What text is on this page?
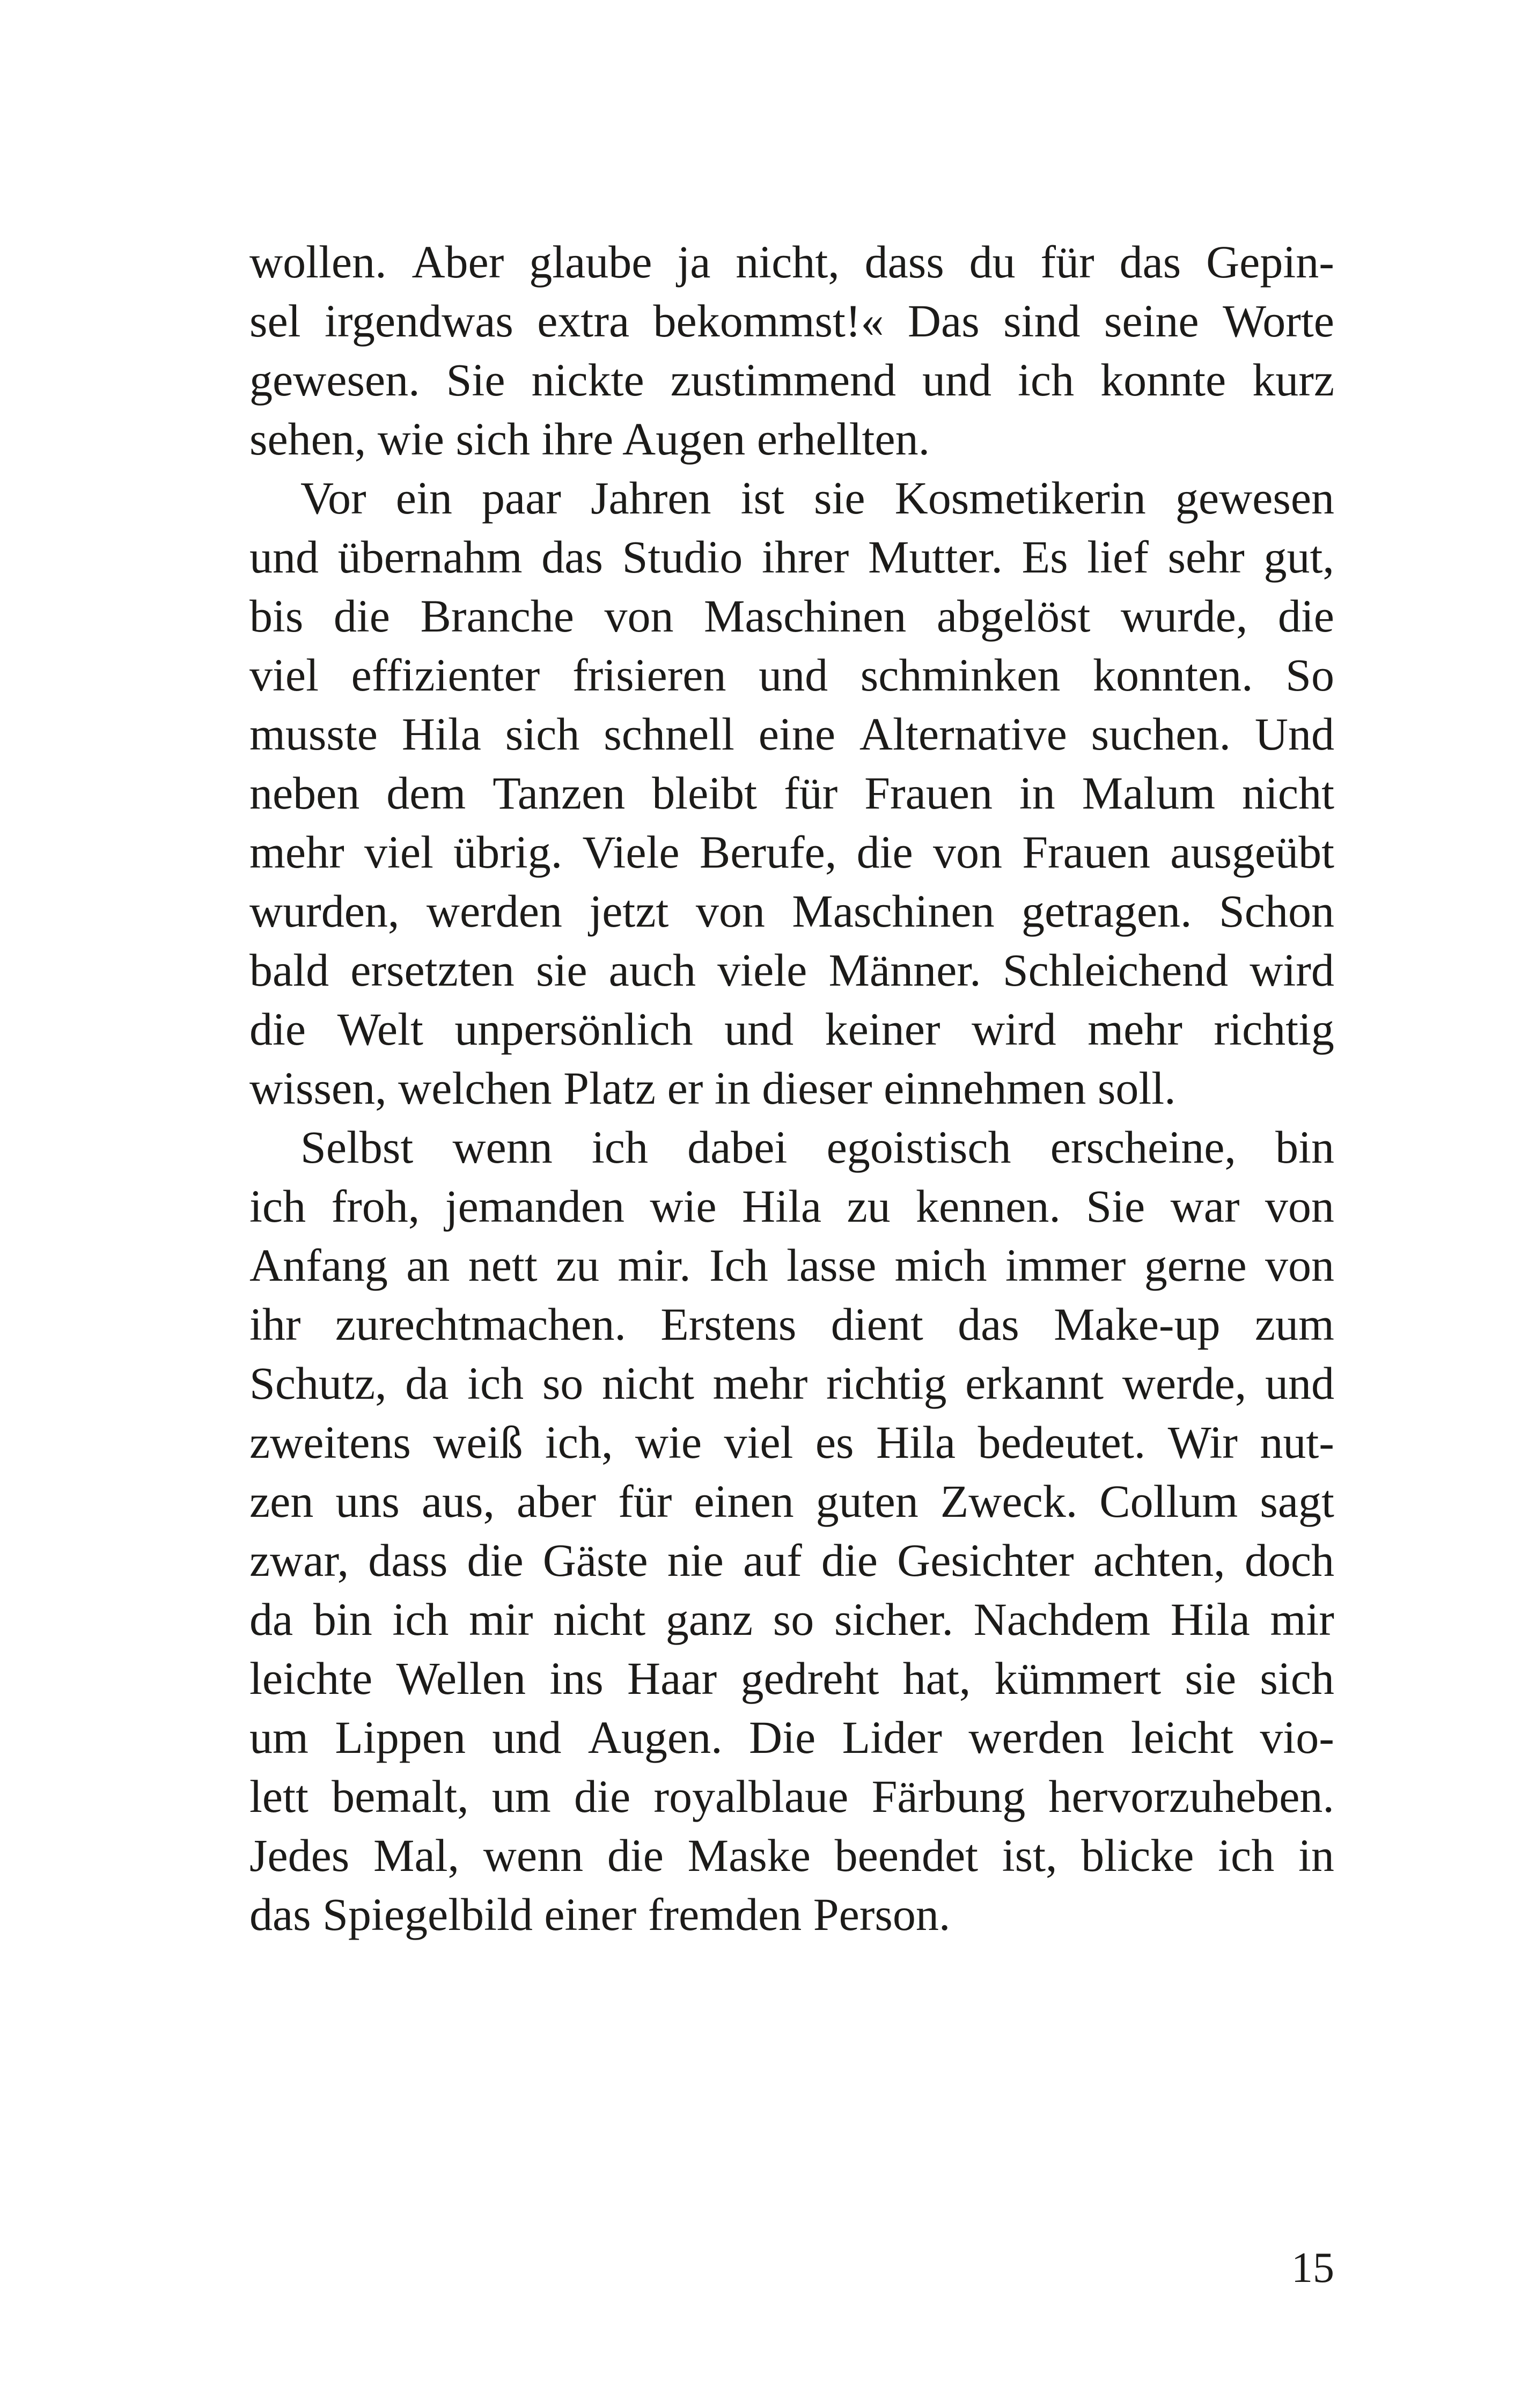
wollen. Aber glaube ja nicht, dass du für das Gepin-
sel irgendwas extra bekommst!« Das sind seine Worte
gewesen. Sie nickte zustimmend und ich konnte kurz
sehen, wie sich ihre Augen erhellten.
Vor ein paar Jahren ist sie Kosmetikerin gewesen
und übernahm das Studio ihrer Mutter. Es lief sehr gut,
bis die Branche von Maschinen abgelöst wurde, die
viel effizienter frisieren und schminken konnten. So
musste Hila sich schnell eine Alternative suchen. Und
neben dem Tanzen bleibt für Frauen in Malum nicht
mehr viel übrig. Viele Berufe, die von Frauen ausgeübt
wurden, werden jetzt von Maschinen getragen. Schon
bald ersetzten sie auch viele Männer. Schleichend wird
die Welt unpersönlich und keiner wird mehr richtig
wissen, welchen Platz er in dieser einnehmen soll.
Selbst wenn ich dabei egoistisch erscheine, bin
ich froh, jemanden wie Hila zu kennen. Sie war von
Anfang an nett zu mir. Ich lasse mich immer gerne von
ihr zurechtmachen. Erstens dient das Make-up zum
Schutz, da ich so nicht mehr richtig erkannt werde, und
zweitens weiß ich, wie viel es Hila bedeutet. Wir nut-
zen uns aus, aber für einen guten Zweck. Collum sagt
zwar, dass die Gäste nie auf die Gesichter achten, doch
da bin ich mir nicht ganz so sicher. Nachdem Hila mir
leichte Wellen ins Haar gedreht hat, kümmert sie sich
um Lippen und Augen. Die Lider werden leicht vio-
lett bemalt, um die royalblaue Färbung hervorzuheben.
Jedes Mal, wenn die Maske beendet ist, blicke ich in
das Spiegelbild einer fremden Person.
15
